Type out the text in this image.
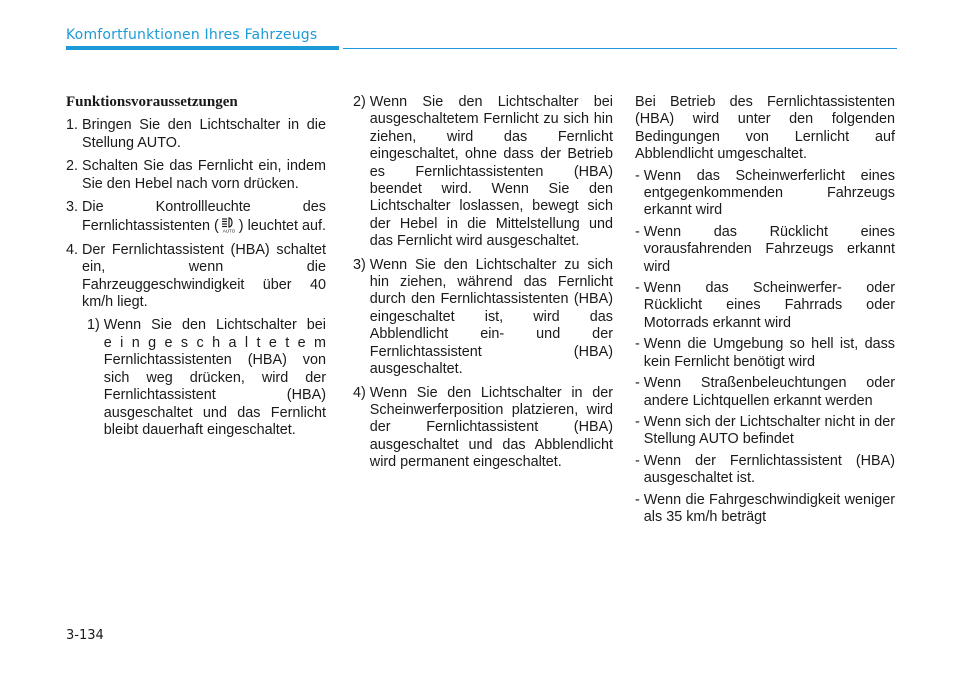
Komfortfunktionen Ihres Fahrzeugs
Funktionsvoraussetzungen
1. Bringen Sie den Lichtschalter in die Stellung AUTO.
2. Schalten Sie das Fernlicht ein, indem Sie den Hebel nach vorn drücken.
3. Die Kontrollleuchte des Fernlichtassistenten ( AUTO ) leuchtet auf.
4. Der Fernlichtassistent (HBA) schaltet ein, wenn die Fahrzeuggeschwindigkeit über 40 km/h liegt.
1) Wenn Sie den Lichtschalter bei
e i n g e s c h a l t e t e m
Fernlichtassistenten (HBA) von sich weg drücken, wird der Fernlichtassistent (HBA) ausgeschaltet und das Fernlicht bleibt dauerhaft eingeschaltet.
2) Wenn Sie den Lichtschalter bei ausgeschaltetem Fernlicht zu sich hin ziehen, wird das Fernlicht eingeschaltet, ohne dass der Betrieb es Fernlichtassistenten (HBA) beendet wird. Wenn Sie den Lichtschalter loslassen, bewegt sich der Hebel in die Mittelstellung und das Fernlicht wird ausgeschaltet.
3) Wenn Sie den Lichtschalter zu sich hin ziehen, während das Fernlicht durch den Fernlichtassistenten (HBA) eingeschaltet ist, wird das Abblendlicht ein- und der Fernlichtassistent (HBA) ausgeschaltet.
4) Wenn Sie den Lichtschalter in der Scheinwerferposition platzieren, wird der Fernlichtassistent (HBA) ausgeschaltet und das Abblendlicht wird permanent eingeschaltet.
Bei Betrieb des Fernlichtassistenten (HBA) wird unter den folgenden Bedingungen von Lernlicht auf Abblendlicht umgeschaltet.
- Wenn das Scheinwerferlicht eines entgegenkommenden Fahrzeugs erkannt wird
- Wenn das Rücklicht eines vorausfahrenden Fahrzeugs erkannt wird
- Wenn das Scheinwerfer- oder Rücklicht eines Fahrrads oder Motorrads erkannt wird
- Wenn die Umgebung so hell ist, dass kein Fernlicht benötigt wird
- Wenn Straßenbeleuchtungen oder andere Lichtquellen erkannt werden
- Wenn sich der Lichtschalter nicht in der Stellung AUTO befindet
- Wenn der Fernlichtassistent (HBA) ausgeschaltet ist.
- Wenn die Fahrgeschwindigkeit weniger als 35 km/h beträgt
3-134
